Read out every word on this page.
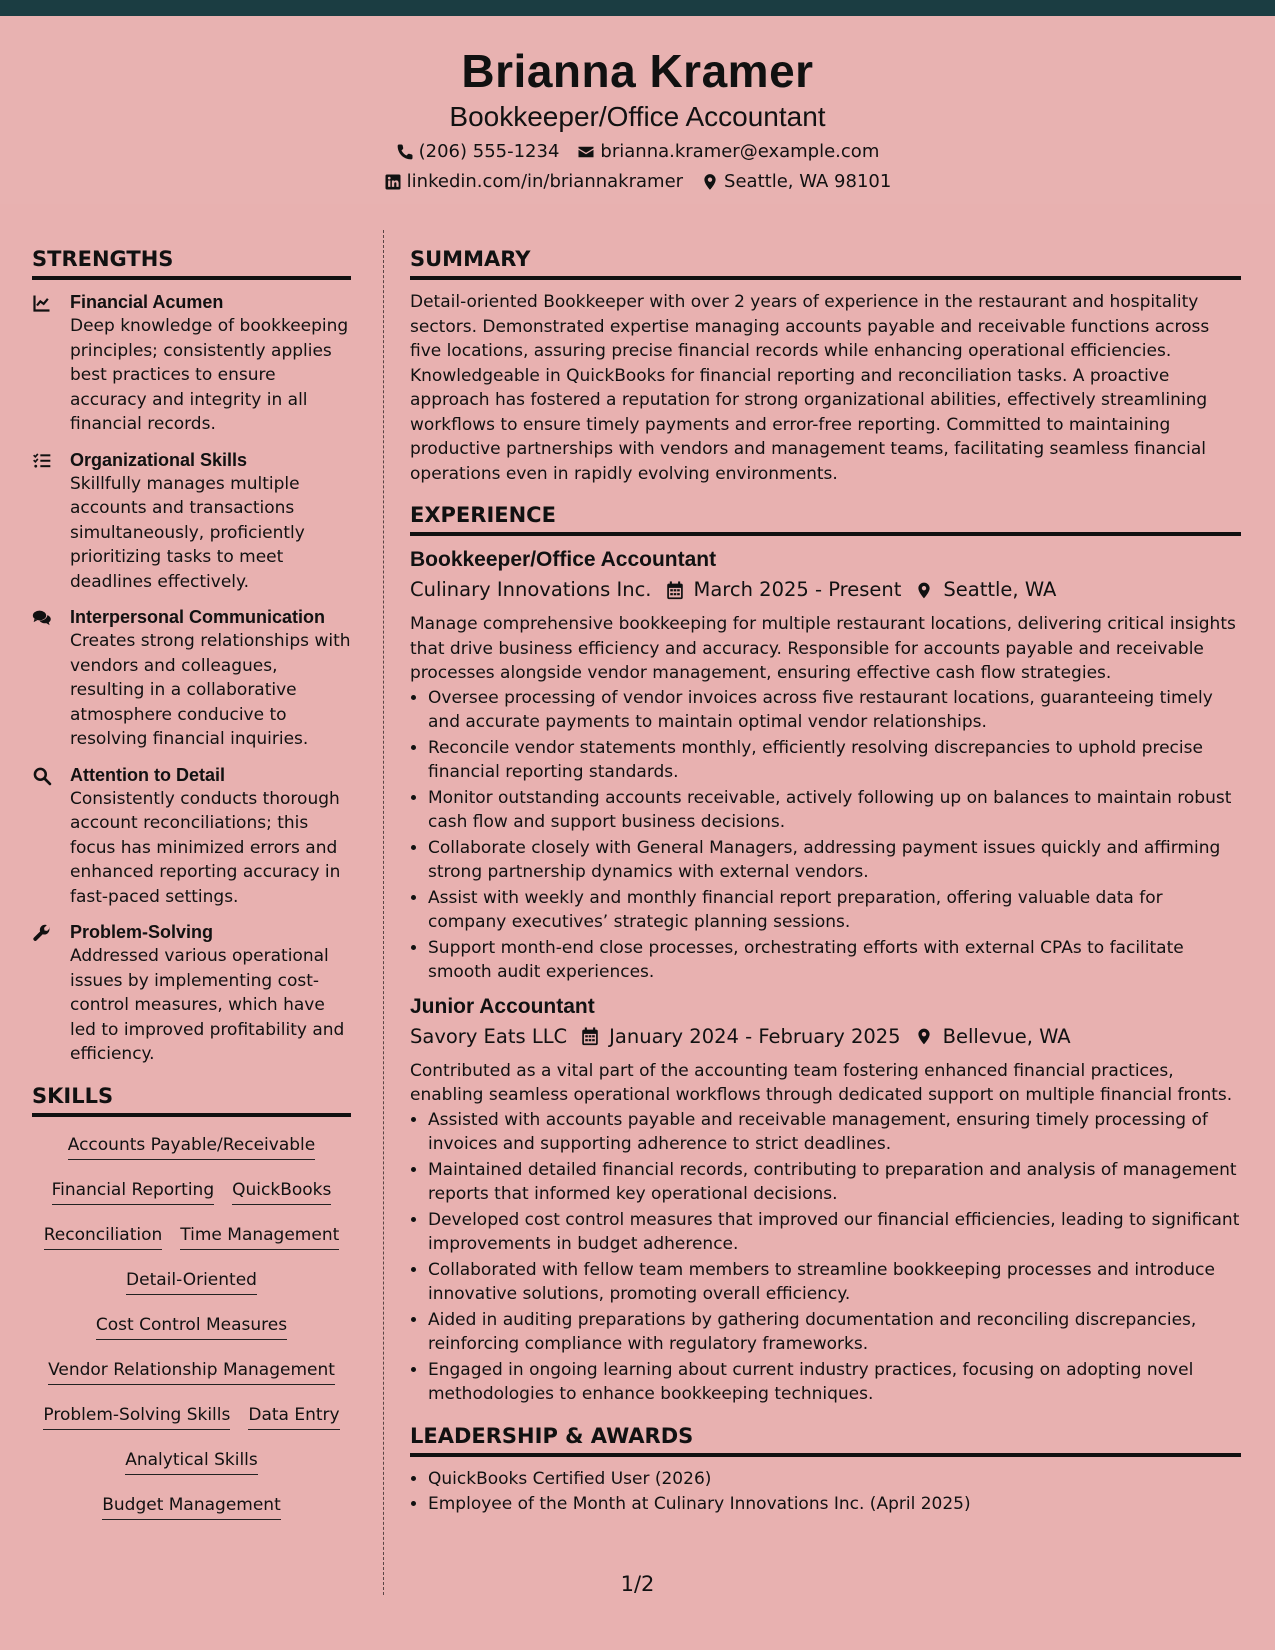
Brianna Kramer
Bookkeeper/Office Accountant
(206) 555-1234 brianna.kramer@example.com
linkedin.com/in/briannakramer Seattle, WA 98101
STRENGTHS
Financial Acumen
Deep knowledge of bookkeeping principles; consistently applies best practices to ensure accuracy and integrity in all financial records.
Organizational Skills
Skillfully manages multiple accounts and transactions simultaneously, proficiently prioritizing tasks to meet deadlines effectively.
Interpersonal Communication
Creates strong relationships with vendors and colleagues, resulting in a collaborative atmosphere conducive to resolving financial inquiries.
Attention to Detail
Consistently conducts thorough account reconciliations; this focus has minimized errors and enhanced reporting accuracy in fast-paced settings.
Problem-Solving
Addressed various operational issues by implementing cost-control measures, which have led to improved profitability and efficiency.
SKILLS
Accounts Payable/Receivable
Financial Reporting QuickBooks
Reconciliation Time Management
Detail-Oriented
Cost Control Measures
Vendor Relationship Management
Problem-Solving Skills Data Entry
Analytical Skills
Budget Management
SUMMARY
Detail-oriented Bookkeeper with over 2 years of experience in the restaurant and hospitality sectors. Demonstrated expertise managing accounts payable and receivable functions across five locations, assuring precise financial records while enhancing operational efficiencies. Knowledgeable in QuickBooks for financial reporting and reconciliation tasks. A proactive approach has fostered a reputation for strong organizational abilities, effectively streamlining workflows to ensure timely payments and error-free reporting. Committed to maintaining productive partnerships with vendors and management teams, facilitating seamless financial operations even in rapidly evolving environments.
EXPERIENCE
Bookkeeper/Office Accountant
Culinary Innovations Inc. March 2025 - Present Seattle, WA
Manage comprehensive bookkeeping for multiple restaurant locations, delivering critical insights that drive business efficiency and accuracy. Responsible for accounts payable and receivable processes alongside vendor management, ensuring effective cash flow strategies.
• Oversee processing of vendor invoices across five restaurant locations, guaranteeing timely and accurate payments to maintain optimal vendor relationships.
• Reconcile vendor statements monthly, efficiently resolving discrepancies to uphold precise financial reporting standards.
• Monitor outstanding accounts receivable, actively following up on balances to maintain robust cash flow and support business decisions.
• Collaborate closely with General Managers, addressing payment issues quickly and affirming strong partnership dynamics with external vendors.
• Assist with weekly and monthly financial report preparation, offering valuable data for company executives’ strategic planning sessions.
• Support month-end close processes, orchestrating efforts with external CPAs to facilitate smooth audit experiences.
Junior Accountant
Savory Eats LLC January 2024 - February 2025 Bellevue, WA
Contributed as a vital part of the accounting team fostering enhanced financial practices, enabling seamless operational workflows through dedicated support on multiple financial fronts.
• Assisted with accounts payable and receivable management, ensuring timely processing of invoices and supporting adherence to strict deadlines.
• Maintained detailed financial records, contributing to preparation and analysis of management reports that informed key operational decisions.
• Developed cost control measures that improved our financial efficiencies, leading to significant improvements in budget adherence.
• Collaborated with fellow team members to streamline bookkeeping processes and introduce innovative solutions, promoting overall efficiency.
• Aided in auditing preparations by gathering documentation and reconciling discrepancies, reinforcing compliance with regulatory frameworks.
• Engaged in ongoing learning about current industry practices, focusing on adopting novel methodologies to enhance bookkeeping techniques.
LEADERSHIP & AWARDS
• QuickBooks Certified User (2026)
• Employee of the Month at Culinary Innovations Inc. (April 2025)
1/2
